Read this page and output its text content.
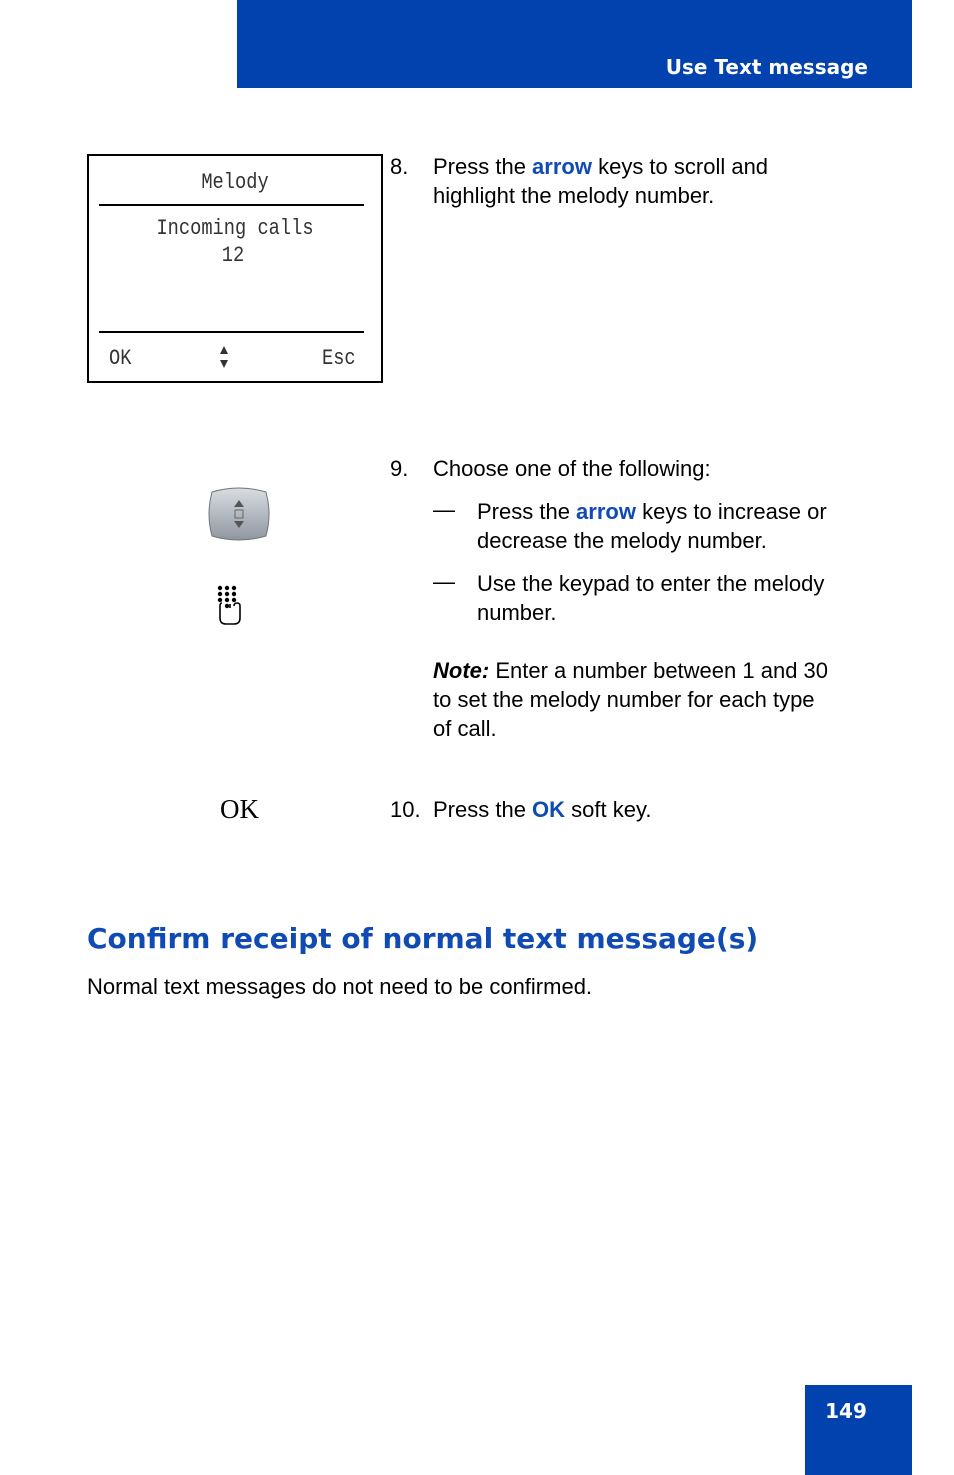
Use Text message
Melody
Incoming calls
12
OK	Esc
8. Press the arrow keys to scroll and
highlight the melody number.
9. Choose one of the following:
— Press the arrow keys to increase or
decrease the melody number.
— Use the keypad to enter the melody
number.
Note: Enter a number between 1 and 30
to set the melody number for each type
of call.
OK	10. Press the OK soft key.
Confirm receipt of normal text message(s)
Normal text messages do not need to be confirmed.
149
